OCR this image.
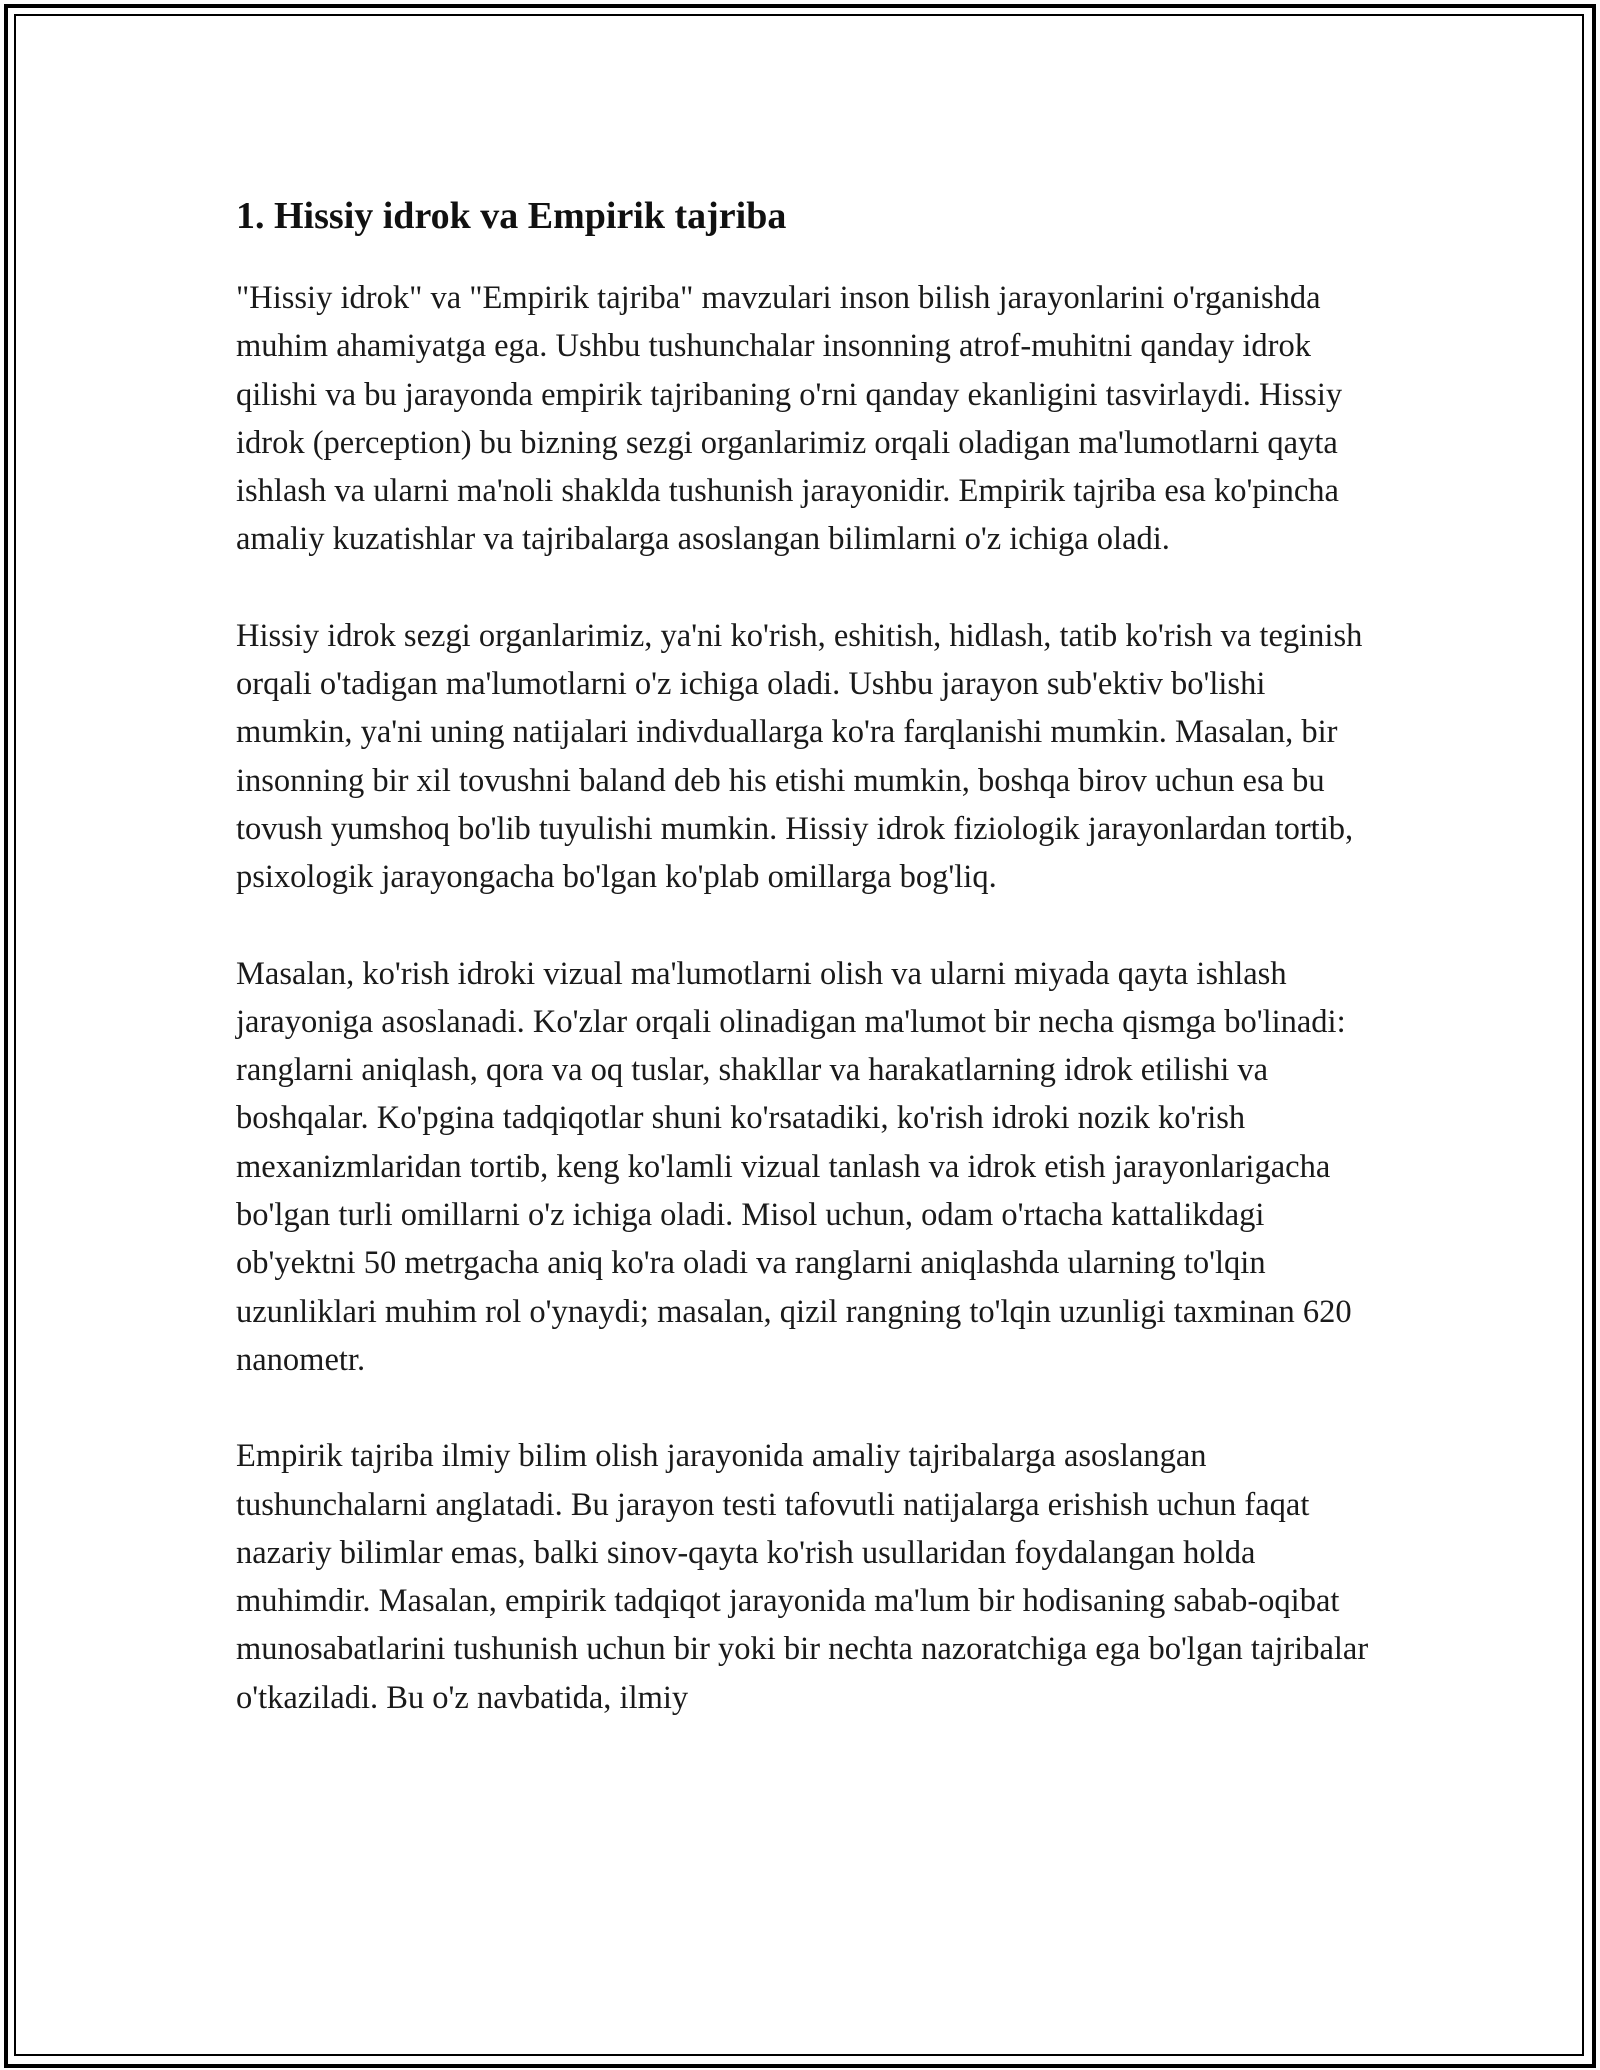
1. Hissiy idrok va Empirik tajriba

"Hissiy idrok" va "Empirik tajriba" mavzulari inson bilish jarayonlarini o'rganishda muhim ahamiyatga ega. Ushbu tushunchalar insonning atrof-muhitni qanday idrok qilishi va bu jarayonda empirik tajribaning o'rni qanday ekanligini tasvirlaydi. Hissiy idrok (perception) bu bizning sezgi organlarimiz orqali oladigan ma'lumotlarni qayta ishlash va ularni ma'noli shaklda tushunish jarayonidir. Empirik tajriba esa ko'pincha amaliy kuzatishlar va tajribalarga asoslangan bilimlarni o'z ichiga oladi.

Hissiy idrok sezgi organlarimiz, ya'ni ko'rish, eshitish, hidlash, tatib ko'rish va teginish orqali o'tadigan ma'lumotlarni o'z ichiga oladi. Ushbu jarayon sub'ektiv bo'lishi mumkin, ya'ni uning natijalari indivduallarga ko'ra farqlanishi mumkin. Masalan, bir insonning bir xil tovushni baland deb his etishi mumkin, boshqa birov uchun esa bu tovush yumshoq bo'lib tuyulishi mumkin. Hissiy idrok fiziologik jarayonlardan tortib, psixologik jarayongacha bo'lgan ko'plab omillarga bog'liq.

Masalan, ko'rish idroki vizual ma'lumotlarni olish va ularni miyada qayta ishlash jarayoniga asoslanadi. Ko'zlar orqali olinadigan ma'lumot bir necha qismga bo'linadi: ranglarni aniqlash, qora va oq tuslar, shakllar va harakatlarning idrok etilishi va boshqalar. Ko'pgina tadqiqotlar shuni ko'rsatadiki, ko'rish idroki nozik ko'rish mexanizmlaridan tortib, keng ko'lamli vizual tanlash va idrok etish jarayonlarigacha bo'lgan turli omillarni o'z ichiga oladi. Misol uchun, odam o'rtacha kattalikdagi ob'yektni 50 metrgacha aniq ko'ra oladi va ranglarni aniqlashda ularning to'lqin uzunliklari muhim rol o'ynaydi; masalan, qizil rangning to'lqin uzunligi taxminan 620 nanometr.

Empirik tajriba ilmiy bilim olish jarayonida amaliy tajribalarga asoslangan tushunchalarni anglatadi. Bu jarayon testi tafovutli natijalarga erishish uchun faqat nazariy bilimlar emas, balki sinov-qayta ko'rish usullaridan foydalangan holda muhimdir. Masalan, empirik tadqiqot jarayonida ma'lum bir hodisaning sabab-oqibat munosabatlarini tushunish uchun bir yoki bir nechta nazoratchiga ega bo'lgan tajribalar o'tkaziladi. Bu o'z navbatida, ilmiy
